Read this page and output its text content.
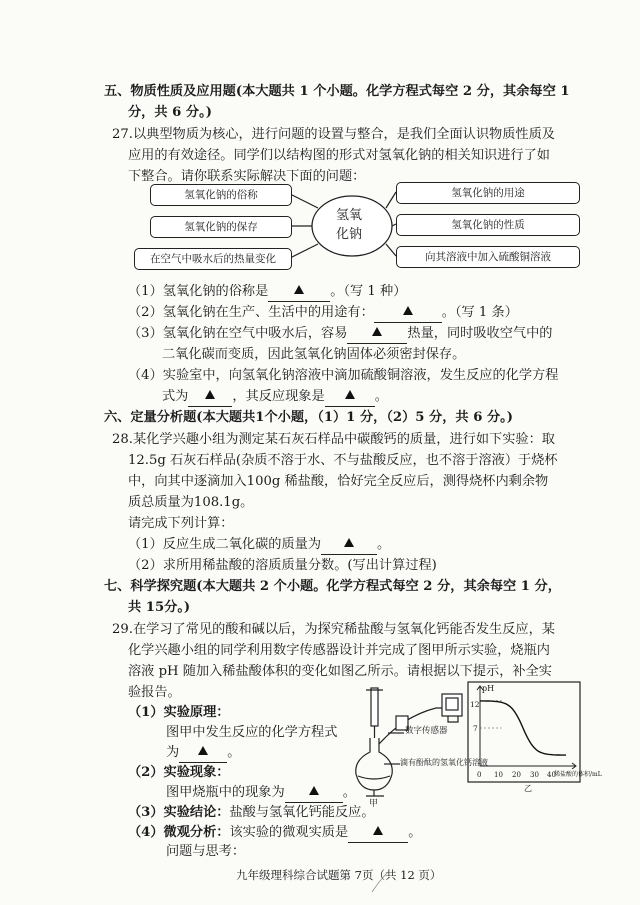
五、物质性质及应用题(本大题共 1 个小题。化学方程式每空 2 分，其余每空 1
分，共 6 分。)
27.以典型物质为核心，进行问题的设置与整合，是我们全面认识物质性质及
应用的有效途径。同学们以结构图的形式对氢氧化钠的相关知识进行了如
下整合。请你联系实际解决下面的问题：
氢氧
化钠
氢氧化钠的俗称
氢氧化钠的保存
在空气中吸水后的热量变化
氢氧化钠的用途
氢氧化钠的性质
向其溶液中加入硫酸铜溶液
（1）氢氧化钠的俗称是	。（写 1 种）
（2）氢氧化钠在生产、生活中的用途有：	。（写 1 条）
（3）氢氧化钠在空气中吸水后，容易	热量，同时吸收空气中的
二氧化碳而变质，因此氢氧化钠固体必须密封保存。
（4）实验室中，向氢氧化钠溶液中滴加硫酸铜溶液，发生反应的化学方程
式为	，其反应现象是	。
六、定量分析题(本大题共1个小题，（1）1 分，（2）5 分，共 6 分。)
28.某化学兴趣小组为测定某石灰石样品中碳酸钙的质量，进行如下实验：取
12.5g 石灰石样品(杂质不溶于水、不与盐酸反应，也不溶于溶液）于烧杯
中，向其中逐滴加入100g 稀盐酸，恰好完全反应后，测得烧杯内剩余物
质总质量为108.1g。
请完成下列计算：
（1）反应生成二氧化碳的质量为	。
（2）求所用稀盐酸的溶质质量分数。(写出计算过程)
七、科学探究题(本大题共 2 个小题。化学方程式每空 2 分，其余每空 1 分，
共 15分。)
29.在学习了常见的酸和碱以后，为探究稀盐酸与氢氧化钙能否发生反应，某
化学兴趣小组的同学利用数字传感器设计并完成了图甲所示实验，烧瓶内
溶液 pH 随加入稀盐酸体积的变化如图乙所示。请根据以下提示，补全实
验报告。
（1）实验原理：
图甲中发生反应的化学方程式
为	。
（2）实验现象：
图甲烧瓶中的现象为	。
（3）实验结论：盐酸与氢氧化钙能反应。
（4）微观分析：该实验的微观实质是	。
问题与思考：
数字传感器
滴有酚酞的氢氧化钙溶液
甲
pH
12
7
0 10 20 30 40
稀盐酸的体积/mL
乙
九年级理科综合试题第 7页（共 12 页）
